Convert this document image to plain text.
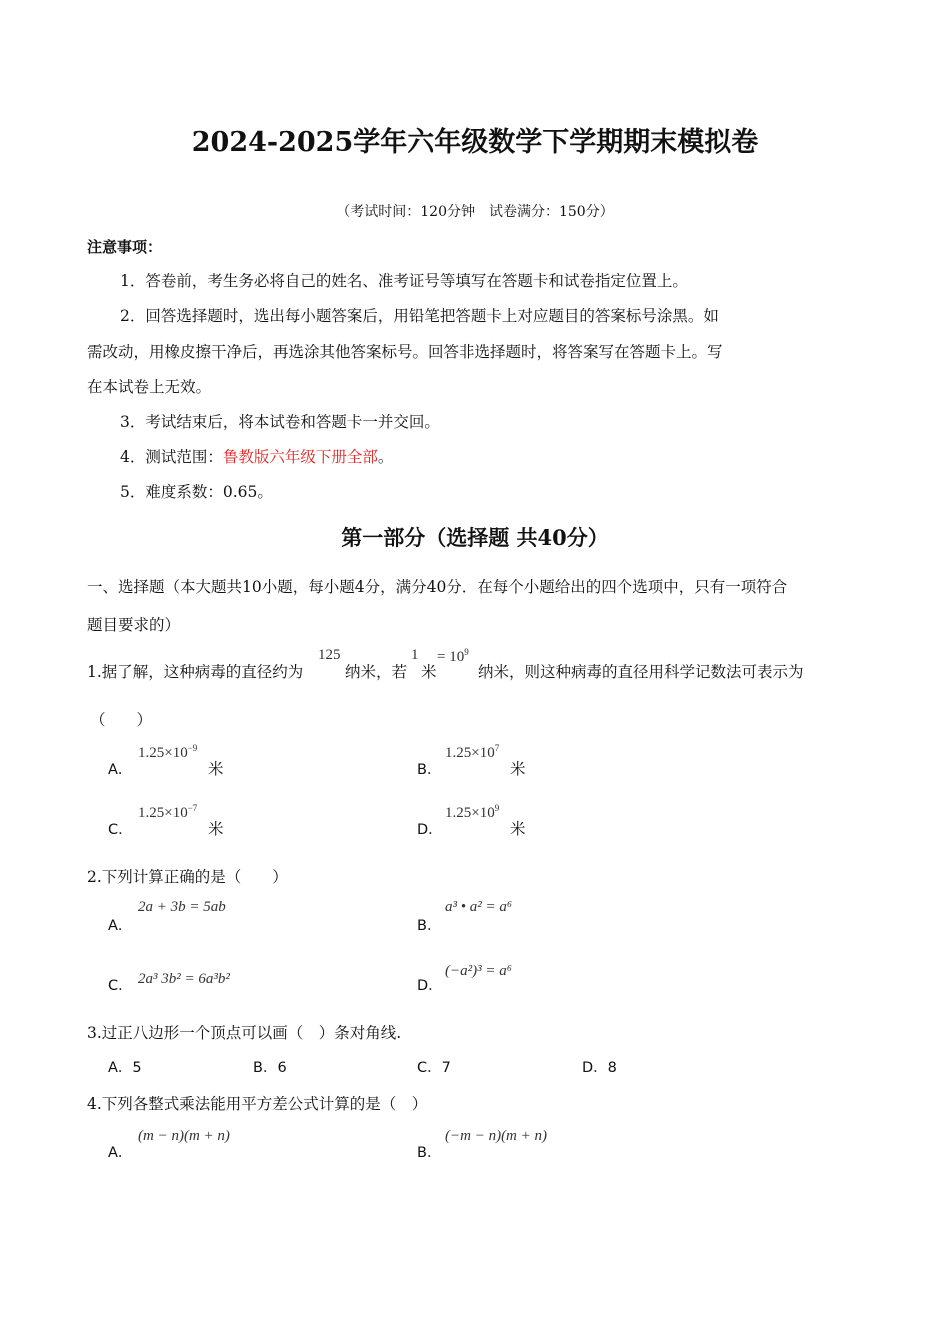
2024-2025学年六年级数学下学期期末模拟卷
（考试时间：120分钟　试卷满分：150分）
注意事项：
1．答卷前，考生务必将自己的姓名、准考证号等填写在答题卡和试卷指定位置上。
2．回答选择题时，选出每小题答案后，用铅笔把答题卡上对应题目的答案标号涂黑。如
需改动，用橡皮擦干净后，再选涂其他答案标号。回答非选择题时，将答案写在答题卡上。写
在本试卷上无效。
3．考试结束后，将本试卷和答题卡一并交回。
4．测试范围：鲁教版六年级下册全部。
5．难度系数：0.65。
第一部分（选择题 共40分）
一、选择题（本大题共10小题，每小题4分，满分40分．在每个小题给出的四个选项中，只有一项符合
题目要求的）
1.据了解，这种病毒的直径约为
125
纳米，若
1
米
= $10^9$
纳米，则这种病毒的直径用科学记数法可表示为
（　　）
A．
$1.25\times 10^{-9}$
米	B．
$1.25\times 10^7$
米
C．
$1.25\times 10^{-7}$
米	D．
$1.25\times 10^9$
米
2.下列计算正确的是（　　）
A．
2a + 3b = 5ab
B．
a³ • a² = a⁶
C． 2a³ 3b² = 6a³b²	D．
(−a²)³ = a⁶
3.过正八边形一个顶点可以画（　）条对角线.
A．5	B．6	C．7	D．8
4.下列各整式乘法能用平方差公式计算的是（　）
A．
(m − n)(m + n)
B．
(−m − n)(m + n)
